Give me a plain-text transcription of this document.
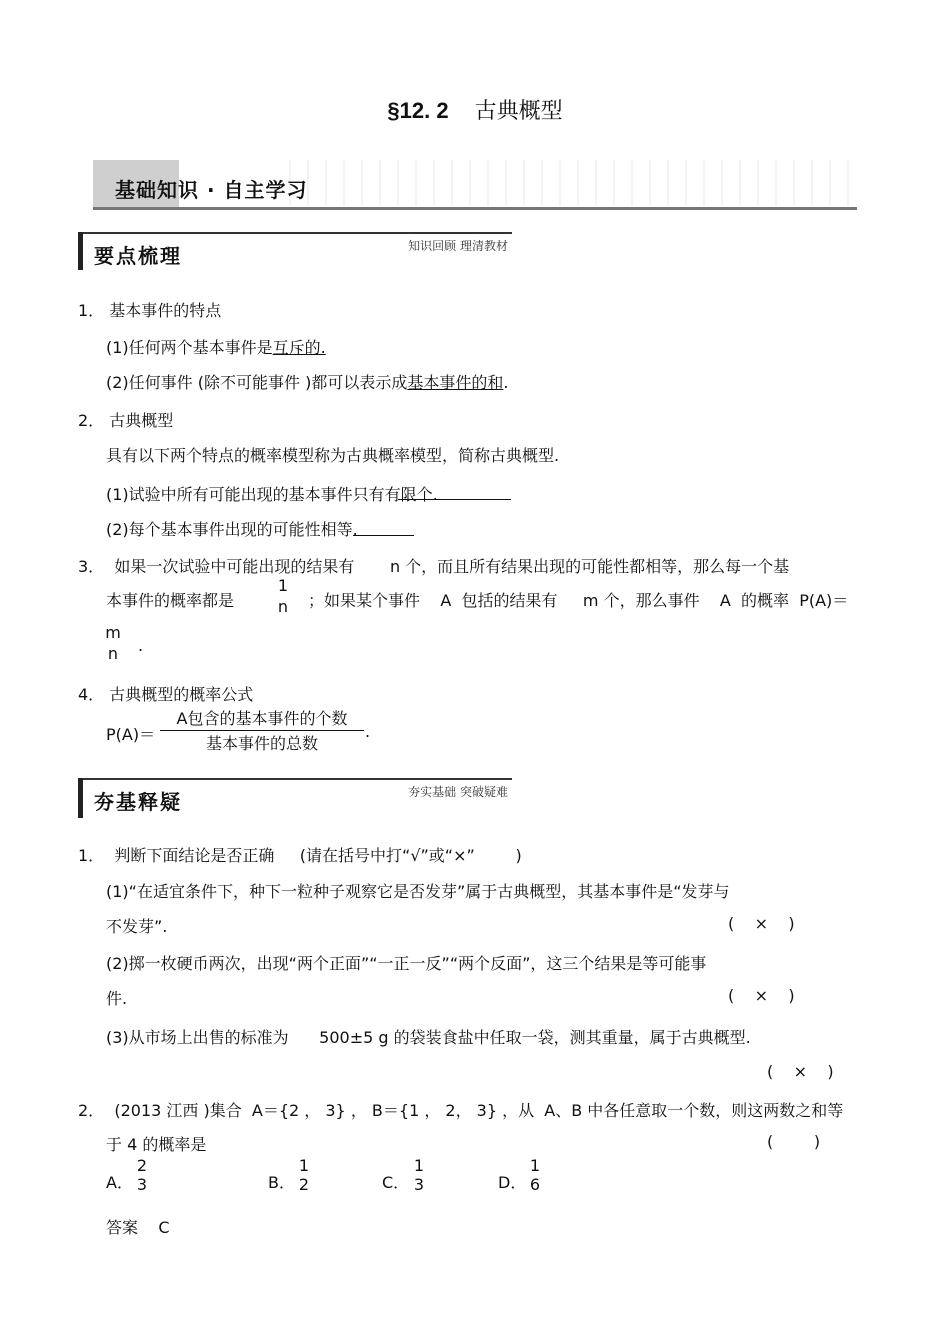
§12. 2 古典概型
基础知识 · 自主学习
要点梳理	知识回顾 理清教材
1． 基本事件的特点
(1)任何两个基本事件是互斥的.
(2)任何事件 (除不可能事件 )都可以表示成基本事件的和.
2． 古典概型
具有以下两个特点的概率模型称为古典概率模型，简称古典概型.
(1)试验中所有可能出现的基本事件只有有限个.
(2)每个基本事件出现的可能性相等.
3．  如果一次试验中可能出现的结果有       n 个，而且所有结果出现的可能性都相等，那么每一个基
本事件的概率都是
1
n	；如果某个事件    A  包括的结果有     m 个，那么事件    A  的概率  P(A)＝
m
n .
4． 古典概型的概率公式
P(A)＝
A包含的基本事件的个数
基本事件的总数
.
夯基释疑	夯实基础 突破疑难
1．  判断下面结论是否正确     (请在括号中打“√”或“×”        )
(1)“在适宜条件下，种下一粒种子观察它是否发芽”属于古典概型，其基本事件是“发芽与
不发芽”.	(    ×    )
(2)掷一枚硬币两次，出现“两个正面”“一正一反”“两个反面”，这三个结果是等可能事
件.	(    ×    )
(3)从市场上出售的标准为      500±5 g 的袋装食盐中任取一袋，测其重量，属于古典概型.
(    ×    )
2．  (2013 江西 )集合  A＝{2 ， 3} ， B＝{1 ， 2， 3} ，从  A、B 中各任意取一个数，则这两数之和等
于 4 的概率是	(        )
A．
2
3	B．
1
2	C．
1
3	D．
1
6
答案    C
